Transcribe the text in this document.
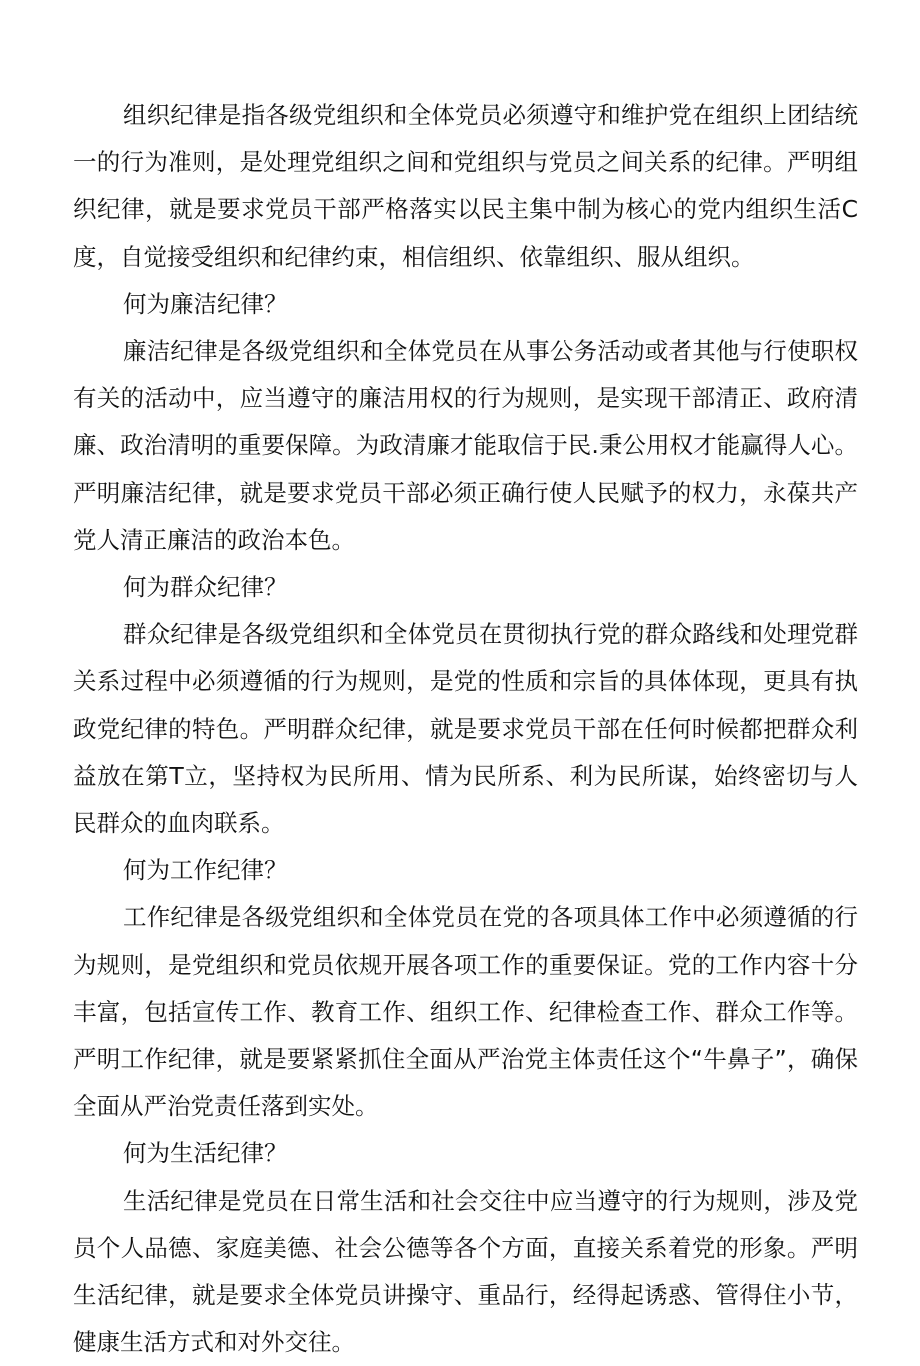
组织纪律是指各级党组织和全体党员必须遵守和维护党在组织上团结统一的行为准则，是处理党组织之间和党组织与党员之间关系的纪律。严明组织纪律，就是要求党员干部严格落实以民主集中制为核心的党内组织生活C度，自觉接受组织和纪律约束，相信组织、依靠组织、服从组织。

何为廉洁纪律？

廉洁纪律是各级党组织和全体党员在从事公务活动或者其他与行使职权有关的活动中，应当遵守的廉洁用权的行为规则，是实现干部清正、政府清廉、政治清明的重要保障。为政清廉才能取信于民.秉公用权才能赢得人心。严明廉洁纪律，就是要求党员干部必须正确行使人民赋予的权力，永葆共产党人清正廉洁的政治本色。

何为群众纪律？

群众纪律是各级党组织和全体党员在贯彻执行党的群众路线和处理党群关系过程中必须遵循的行为规则，是党的性质和宗旨的具体体现，更具有执政党纪律的特色。严明群众纪律，就是要求党员干部在任何时候都把群众利益放在第T立，坚持权为民所用、情为民所系、利为民所谋，始终密切与人民群众的血肉联系。

何为工作纪律？

工作纪律是各级党组织和全体党员在党的各项具体工作中必须遵循的行为规则，是党组织和党员依规开展各项工作的重要保证。党的工作内容十分丰富，包括宣传工作、教育工作、组织工作、纪律检查工作、群众工作等。严明工作纪律，就是要紧紧抓住全面从严治党主体责任这个“牛鼻子”，确保全面从严治党责任落到实处。

何为生活纪律？

生活纪律是党员在日常生活和社会交往中应当遵守的行为规则，涉及党员个人品德、家庭美德、社会公德等各个方面，直接关系着党的形象。严明生活纪律，就是要求全体党员讲操守、重品行，经得起诱惑、管得住小节，健康生活方式和对外交往。
